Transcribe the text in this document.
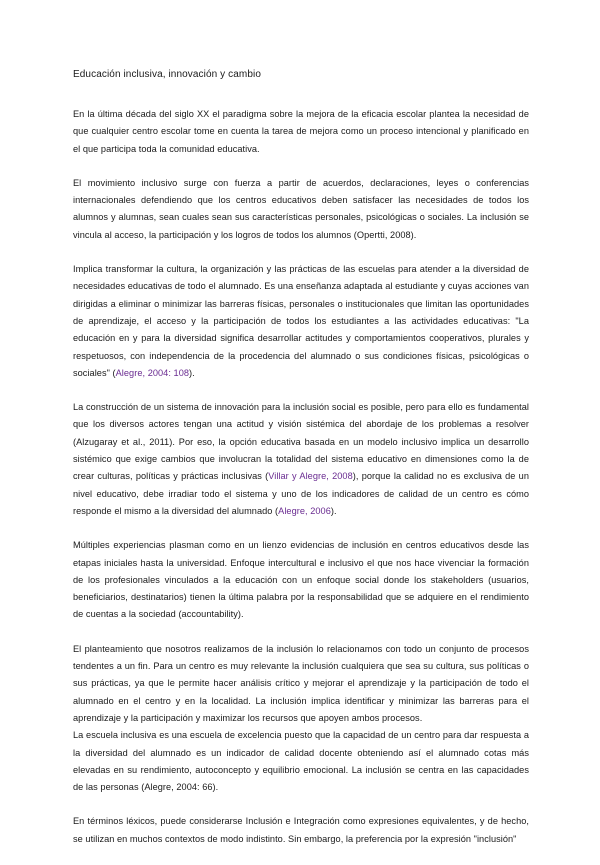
Educación inclusiva, innovación y cambio

En la última década del siglo XX el paradigma sobre la mejora de la eficacia escolar plantea la necesidad de que cualquier centro escolar tome en cuenta la tarea de mejora como un proceso intencional y planificado en el que participa toda la comunidad educativa.

El movimiento inclusivo surge con fuerza a partir de acuerdos, declaraciones, leyes o conferencias internacionales defendiendo que los centros educativos deben satisfacer las necesidades de todos los alumnos y alumnas, sean cuales sean sus características personales, psicológicas o sociales. La inclusión se vincula al acceso, la participación y los logros de todos los alumnos (Opertti, 2008).

Implica transformar la cultura, la organización y las prácticas de las escuelas para atender a la diversidad de necesidades educativas de todo el alumnado. Es una enseñanza adaptada al estudiante y cuyas acciones van dirigidas a eliminar o minimizar las barreras físicas, personales o institucionales que limitan las oportunidades de aprendizaje, el acceso y la participación de todos los estudiantes a las actividades educativas: "La educación en y para la diversidad significa desarrollar actitudes y comportamientos cooperativos, plurales y respetuosos, con independencia de la procedencia del alumnado o sus condiciones físicas, psicológicas o sociales" (Alegre, 2004: 108).

La construcción de un sistema de innovación para la inclusión social es posible, pero para ello es fundamental que los diversos actores tengan una actitud y visión sistémica del abordaje de los problemas a resolver (Alzugaray et al., 2011). Por eso, la opción educativa basada en un modelo inclusivo implica un desarrollo sistémico que exige cambios que involucran la totalidad del sistema educativo en dimensiones como la de crear culturas, políticas y prácticas inclusivas (Villar y Alegre, 2008), porque la calidad no es exclusiva de un nivel educativo, debe irradiar todo el sistema y uno de los indicadores de calidad de un centro es cómo responde el mismo a la diversidad del alumnado (Alegre, 2006).

Múltiples experiencias plasman como en un lienzo evidencias de inclusión en centros educativos desde las etapas iniciales hasta la universidad. Enfoque intercultural e inclusivo el que nos hace vivenciar la formación de los profesionales vinculados a la educación con un enfoque social donde los stakeholders (usuarios, beneficiarios, destinatarios) tienen la última palabra por la responsabilidad que se adquiere en el rendimiento de cuentas a la sociedad (accountability).

El planteamiento que nosotros realizamos de la inclusión lo relacionamos con todo un conjunto de procesos tendentes a un fin. Para un centro es muy relevante la inclusión cualquiera que sea su cultura, sus políticas o sus prácticas, ya que le permite hacer análisis crítico y mejorar el aprendizaje y la participación de todo el alumnado en el centro y en la localidad. La inclusión implica identificar y minimizar las barreras para el aprendizaje y la participación y maximizar los recursos que apoyen ambos procesos.

La escuela inclusiva es una escuela de excelencia puesto que la capacidad de un centro para dar respuesta a la diversidad del alumnado es un indicador de calidad docente obteniendo así el alumnado cotas más elevadas en su rendimiento, autoconcepto y equilibrio emocional. La inclusión se centra en las capacidades de las personas (Alegre, 2004: 66).

En términos léxicos, puede considerarse Inclusión e Integración como expresiones equivalentes, y de hecho, se utilizan en muchos contextos de modo indistinto. Sin embargo, la preferencia por la expresión "inclusión"
